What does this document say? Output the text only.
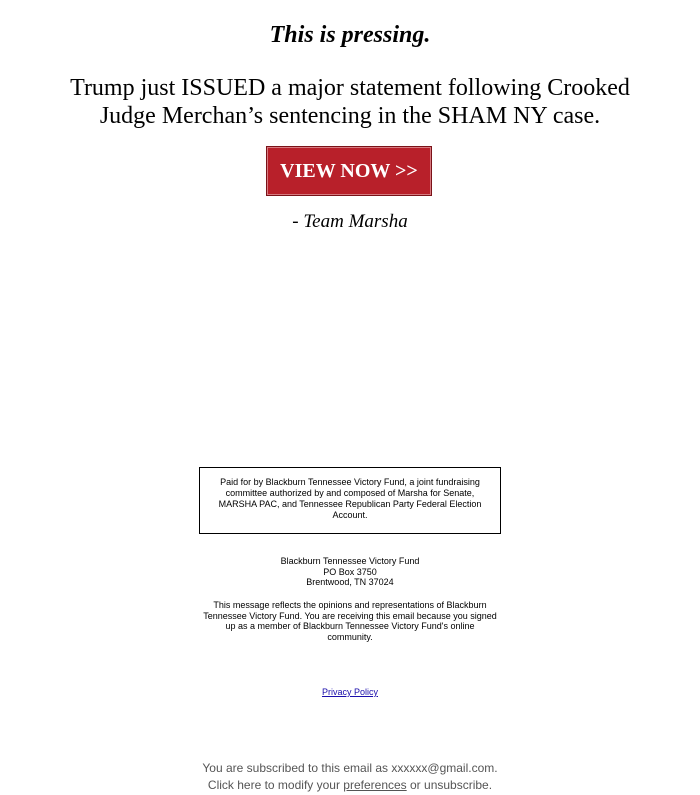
This is pressing.
Trump just ISSUED a major statement following Crooked Judge Merchan’s sentencing in the SHAM NY case.
VIEW NOW >>
- Team Marsha
Paid for by Blackburn Tennessee Victory Fund, a joint fundraising committee authorized by and composed of Marsha for Senate, MARSHA PAC, and Tennessee Republican Party Federal Election Account.
Blackburn Tennessee Victory Fund
PO Box 3750
Brentwood, TN 37024
This message reflects the opinions and representations of Blackburn Tennessee Victory Fund. You are receiving this email because you signed up as a member of Blackburn Tennessee Victory Fund's online community.
Privacy Policy
You are subscribed to this email as xxxxxx@gmail.com.
Click here to modify your preferences or unsubscribe.
